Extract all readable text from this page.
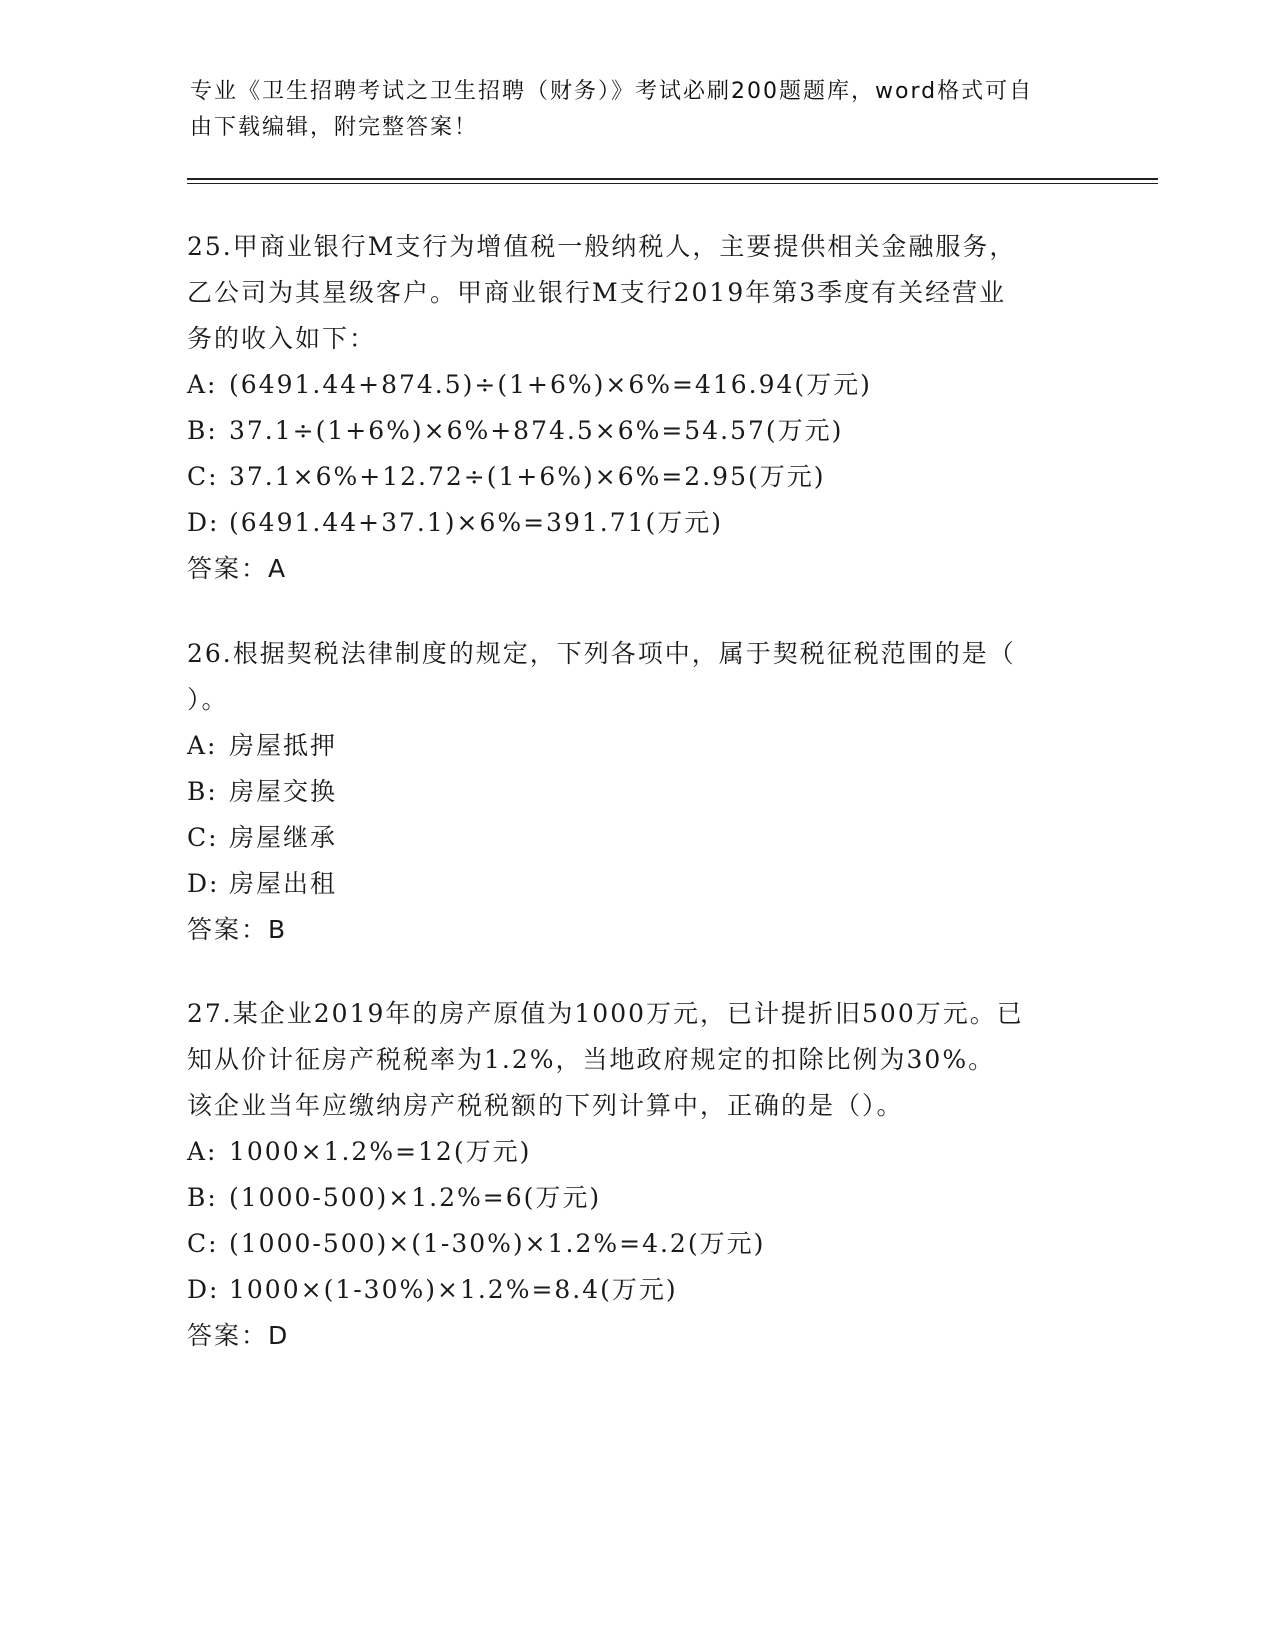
专业《卫生招聘考试之卫生招聘（财务）》考试必刷200题题库，word格式可自
由下载编辑，附完整答案！

25.甲商业银行M支行为增值税一般纳税人，主要提供相关金融服务，

乙公司为其星级客户。甲商业银行M支行2019年第3季度有关经营业

务的收入如下：

A: (6491.44+874.5)÷(1+6%)×6%=416.94(万元)

B: 37.1÷(1+6%)×6%+874.5×6%=54.57(万元)

C: 37.1×6%+12.72÷(1+6%)×6%=2.95(万元)

D: (6491.44+37.1)×6%=391.71(万元)

答案：A

26.根据契税法律制度的规定，下列各项中，属于契税征税范围的是（

）。

A: 房屋抵押

B: 房屋交换

C: 房屋继承

D: 房屋出租

答案：B

27.某企业2019年的房产原值为1000万元，已计提折旧500万元。已

知从价计征房产税税率为1.2%，当地政府规定的扣除比例为30%。

该企业当年应缴纳房产税税额的下列计算中，正确的是（）。

A: 1000×1.2%=12(万元)

B: (1000-500)×1.2%=6(万元)

C: (1000-500)×(1-30%)×1.2%=4.2(万元)

D: 1000×(1-30%)×1.2%=8.4(万元)

答案：D
